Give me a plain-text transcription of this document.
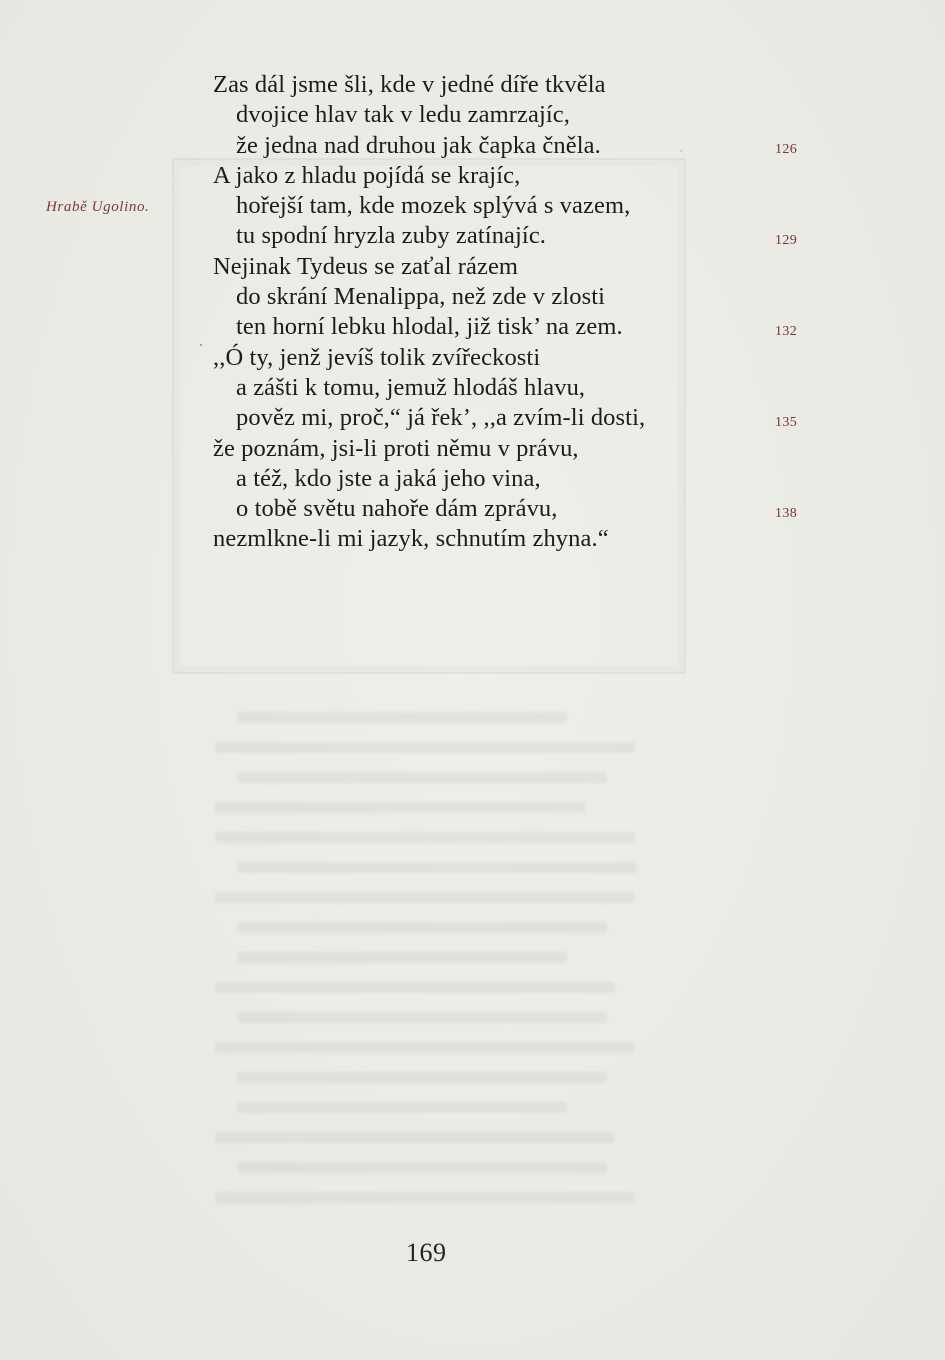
Hrabě Ugolino.
Zas dál jsme šli, kde v jedné díře tkvěla
dvojice hlav tak v ledu zamrzajíc,
že jedna nad druhou jak čapka čněla.
A jako z hladu pojídá se krajíc,
hořejší tam, kde mozek splývá s vazem,
tu spodní hryzla zuby zatínajíc.
Nejinak Tydeus se zaťal rázem
do skrání Menalippa, než zde v zlosti
ten horní lebku hlodal, již tisk’ na zem.
,,Ó ty, jenž jevíš tolik zvířeckosti
a zášti k tomu, jemuž hlodáš hlavu,
pověz mi, proč,“ já řek’, ,,a zvím-li dosti,
že poznám, jsi-li proti němu v právu,
a též, kdo jste a jaká jeho vina,
o tobě světu nahoře dám zprávu,
nezmlkne-li mi jazyk, schnutím zhyna.“
126
129
132
135
138
169
